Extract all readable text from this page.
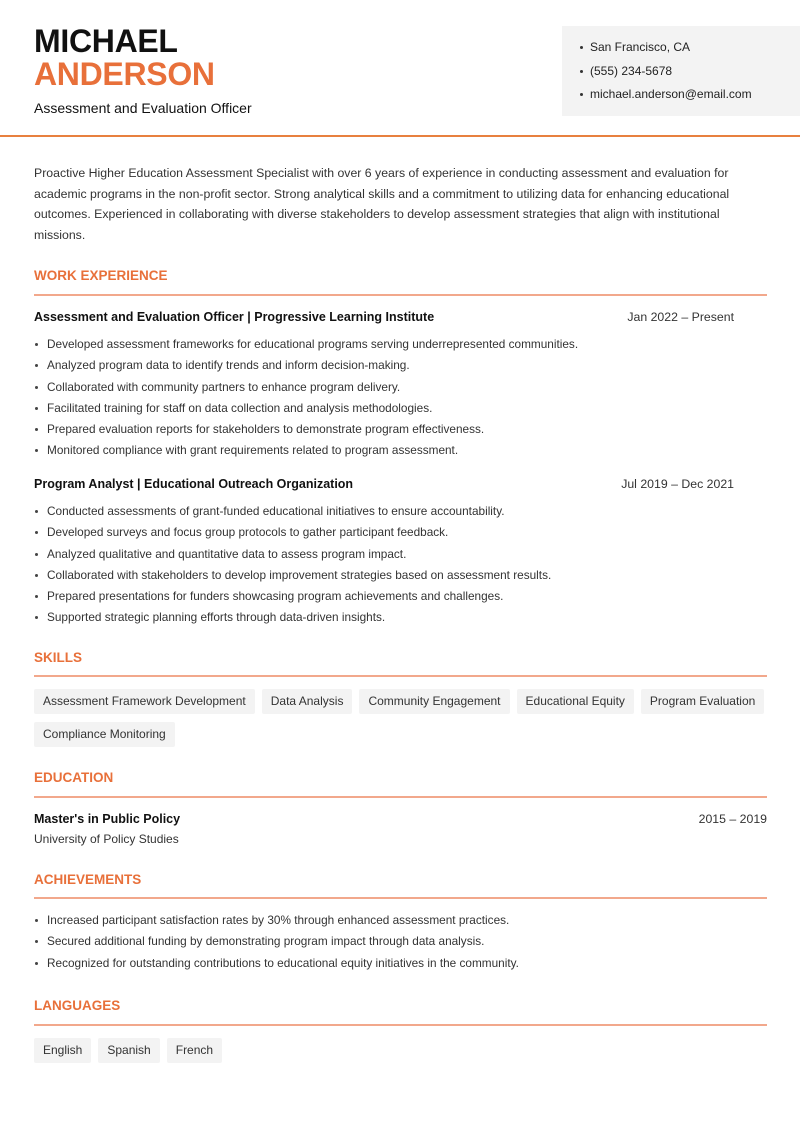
MICHAEL
ANDERSON
Assessment and Evaluation Officer
San Francisco, CA
(555) 234-5678
michael.anderson@email.com

Proactive Higher Education Assessment Specialist with over 6 years of experience in conducting assessment and evaluation for academic programs in the non-profit sector. Strong analytical skills and a commitment to utilizing data for enhancing educational outcomes. Experienced in collaborating with diverse stakeholders to develop assessment strategies that align with institutional missions.

WORK EXPERIENCE
Assessment and Evaluation Officer | Progressive Learning Institute	Jan 2022 – Present
Developed assessment frameworks for educational programs serving underrepresented communities.
Analyzed program data to identify trends and inform decision-making.
Collaborated with community partners to enhance program delivery.
Facilitated training for staff on data collection and analysis methodologies.
Prepared evaluation reports for stakeholders to demonstrate program effectiveness.
Monitored compliance with grant requirements related to program assessment.
Program Analyst | Educational Outreach Organization	Jul 2019 – Dec 2021
Conducted assessments of grant-funded educational initiatives to ensure accountability.
Developed surveys and focus group protocols to gather participant feedback.
Analyzed qualitative and quantitative data to assess program impact.
Collaborated with stakeholders to develop improvement strategies based on assessment results.
Prepared presentations for funders showcasing program achievements and challenges.
Supported strategic planning efforts through data-driven insights.
SKILLS
Assessment Framework Development	Data Analysis	Community Engagement	Educational Equity	Program Evaluation
Compliance Monitoring
EDUCATION
Master's in Public Policy	2015 – 2019
University of Policy Studies
ACHIEVEMENTS
Increased participant satisfaction rates by 30% through enhanced assessment practices.
Secured additional funding by demonstrating program impact through data analysis.
Recognized for outstanding contributions to educational equity initiatives in the community.
LANGUAGES
English	Spanish	French
